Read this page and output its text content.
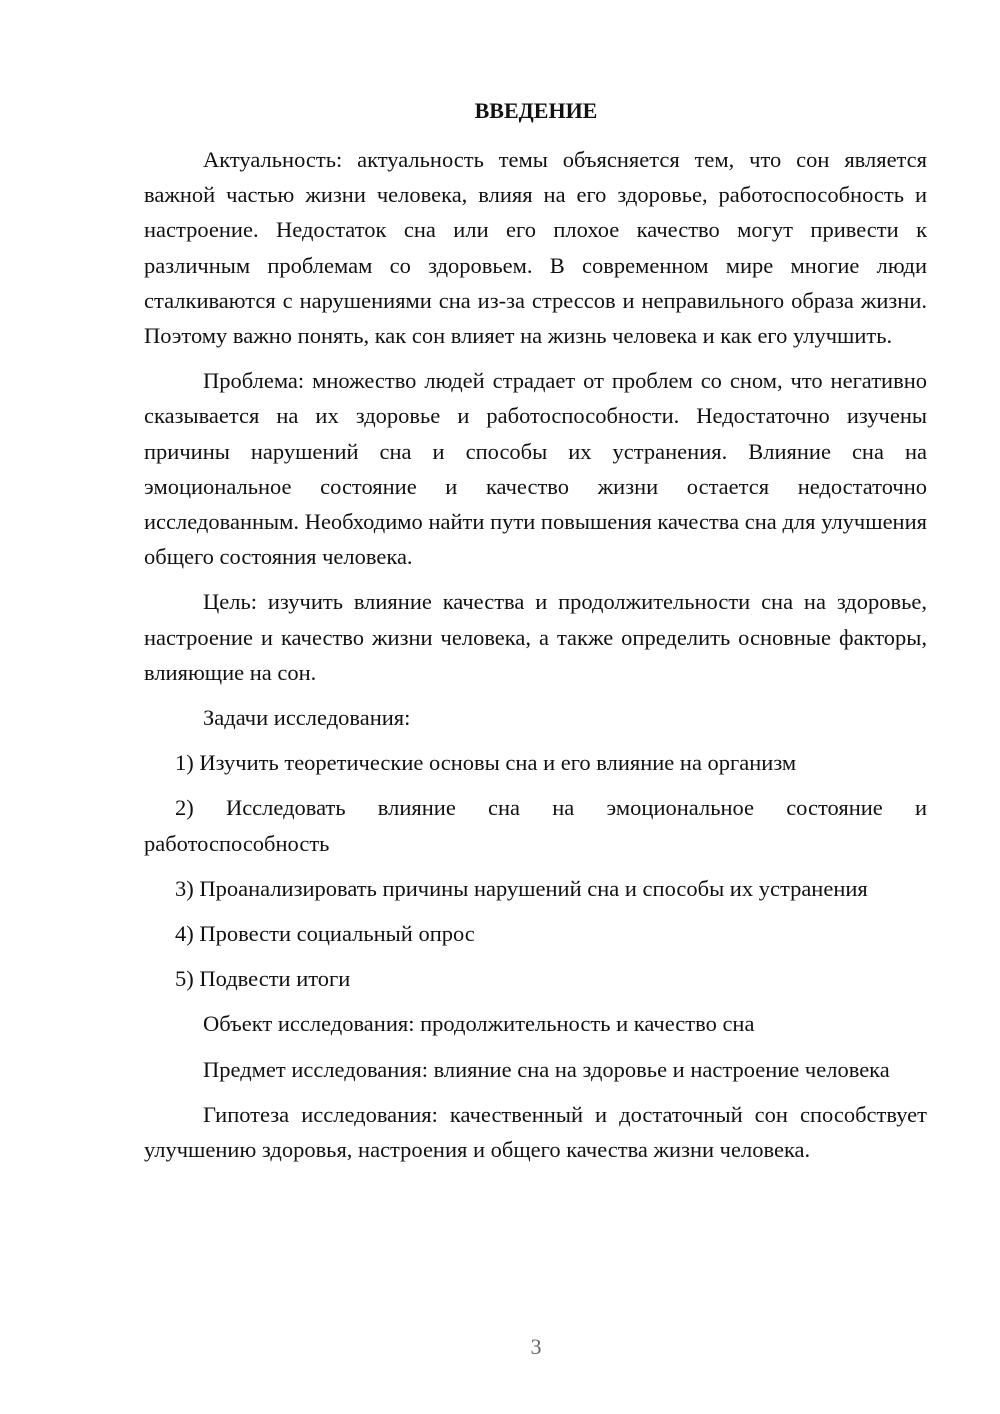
ВВЕДЕНИЕ

Актуальность: актуальность темы объясняется тем, что сон является важной частью жизни человека, влияя на его здоровье, работоспособность и настроение. Недостаток сна или его плохое качество могут привести к различным проблемам со здоровьем. В современном мире многие люди сталкиваются с нарушениями сна из-за стрессов и неправильного образа жизни. Поэтому важно понять, как сон влияет на жизнь человека и как его улучшить.

Проблема: множество людей страдает от проблем со сном, что негативно сказывается на их здоровье и работоспособности. Недостаточно изучены причины нарушений сна и способы их устранения. Влияние сна на эмоциональное состояние и качество жизни остается недостаточно исследованным. Необходимо найти пути повышения качества сна для улучшения общего состояния человека.

Цель: изучить влияние качества и продолжительности сна на здоровье, настроение и качество жизни человека, а также определить основные факторы, влияющие на сон.

Задачи исследования:

1) Изучить теоретические основы сна и его влияние на организм

2) Исследовать влияние сна на эмоциональное состояние и работоспособность

3) Проанализировать причины нарушений сна и способы их устранения

4) Провести социальный опрос

5) Подвести итоги

Объект исследования: продолжительность и качество сна

Предмет исследования: влияние сна на здоровье и настроение человека

Гипотеза исследования: качественный и достаточный сон способствует улучшению здоровья, настроения и общего качества жизни человека.

3
